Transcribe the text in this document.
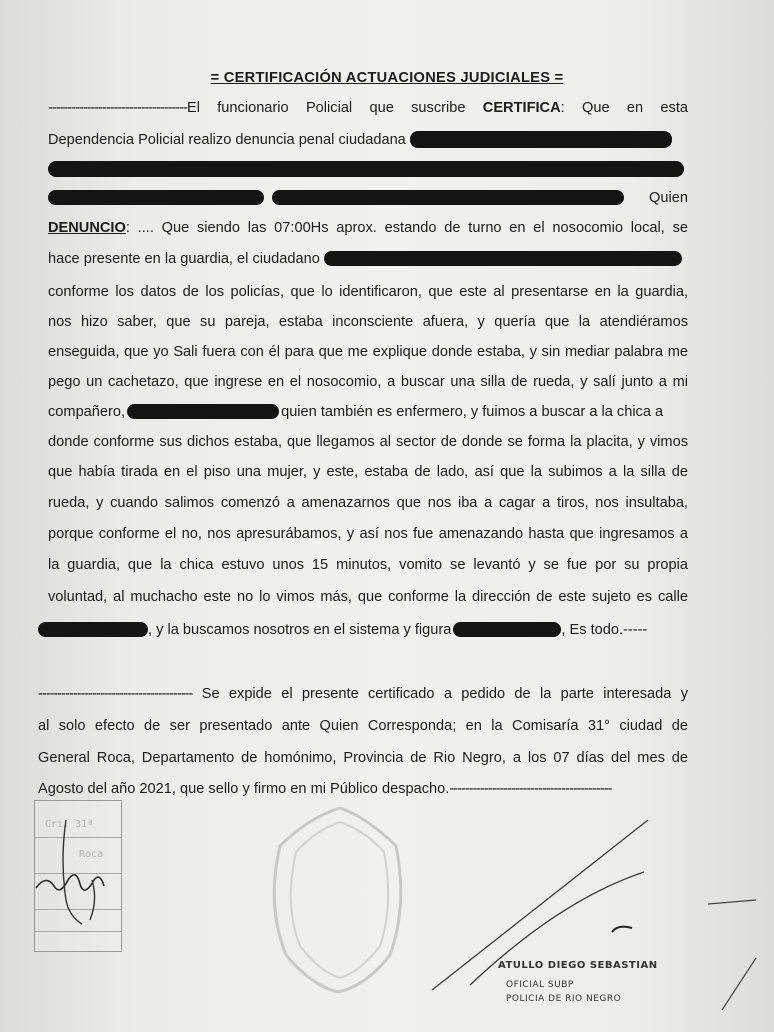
= CERTIFICACIÓN ACTUACIONES JUDICIALES =
------------------------------------El funcionario Policial que suscribe CERTIFICA: Que en esta
Dependencia Policial realizo denuncia penal ciudadana

Quien
DENUNCIO: .... Que siendo las 07:00Hs aprox. estando de turno en el nosocomio local, se
hace presente en la guardia, el ciudadano
conforme los datos de los policías, que lo identificaron, que este al presentarse en la guardia,
nos hizo saber, que su pareja, estaba inconsciente afuera, y quería que la atendiéramos
enseguida, que yo Sali fuera con él para que me explique donde estaba, y sin mediar palabra me
pego un cachetazo, que ingrese en el nosocomio, a buscar una silla de rueda, y salí junto a mi
compañero,	quien también es enfermero, y fuimos a buscar a la chica a
donde conforme sus dichos estaba, que llegamos al sector de donde se forma la placita, y vimos
que había tirada en el piso una mujer, y este, estaba de lado, así que la subimos a la silla de
rueda, y cuando salimos comenzó a amenazarnos que nos iba a cagar a tiros, nos insultaba,
porque conforme el no, nos apresurábamos, y así nos fue amenazando hasta que ingresamos a
la guardia, que la chica estuvo unos 15 minutos, vomito se levantó y se fue por su propia
voluntad, al muchacho este no lo vimos más, que conforme la dirección de este sujeto es calle
, y la buscamos nosotros en el sistema y figura	, Es todo.-----
---------------------------------------- Se expide el presente certificado a pedido de la parte interesada y
al solo efecto de ser presentado ante Quien Corresponda; en la Comisaría 31° ciudad de
General Roca, Departamento de homónimo, Provincia de Rio Negro, a los 07 días del mes de
Agosto del año 2021, que sello y firmo en mi Público despacho.------------------------------------------
Cri. 31ª
Roca
ATULLO DIEGO SEBASTIAN
OFICIAL SUBP
POLICIA DE RIO NEGRO
